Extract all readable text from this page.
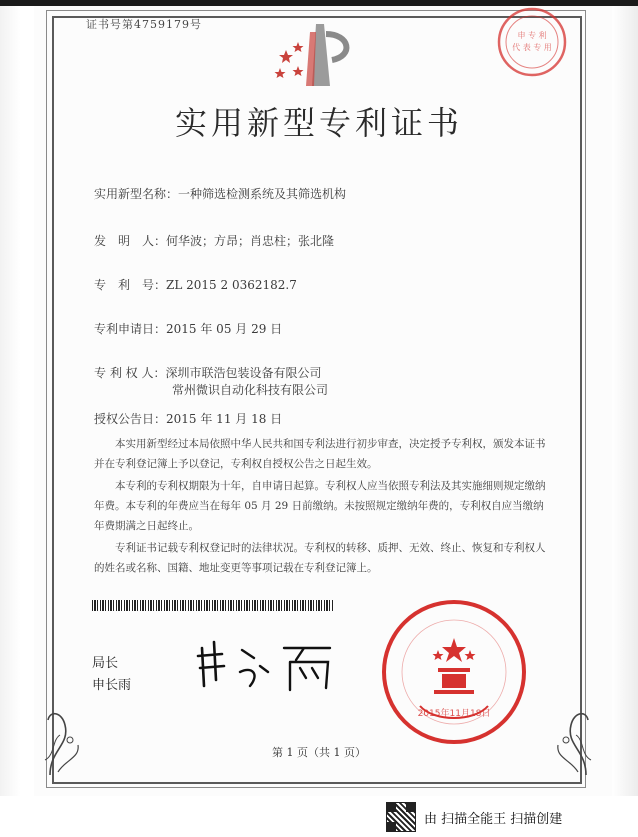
证书号第4759179号
申 专 利
代 表 专 用
实用新型专利证书
实用新型名称：一种筛选检测系统及其筛选机构
发　明　人：何华波；方昂；肖忠柱；张北隆
专　利　号：ZL 2015 2 0362182.7
专利申请日：2015 年 05 月 29 日
专 利 权 人：深圳市联浩包装设备有限公司
常州微识自动化科技有限公司
授权公告日：2015 年 11 月 18 日
本实用新型经过本局依照中华人民共和国专利法进行初步审查，决定授予专利权，颁发本证书并在专利登记簿上予以登记，专利权自授权公告之日起生效。
本专利的专利权期限为十年，自申请日起算。专利权人应当依照专利法及其实施细则规定缴纳年费。本专利的年费应当在每年 05 月 29 日前缴纳。未按照规定缴纳年费的，专利权自应当缴纳年费期满之日起终止。
专利证书记载专利权登记时的法律状况。专利权的转移、质押、无效、终止、恢复和专利权人的姓名或名称、国籍、地址变更等事项记载在专利登记簿上。
局长
申长雨
2015年11月18日
第 1 页（共 1 页）
由 扫描全能王 扫描创建
